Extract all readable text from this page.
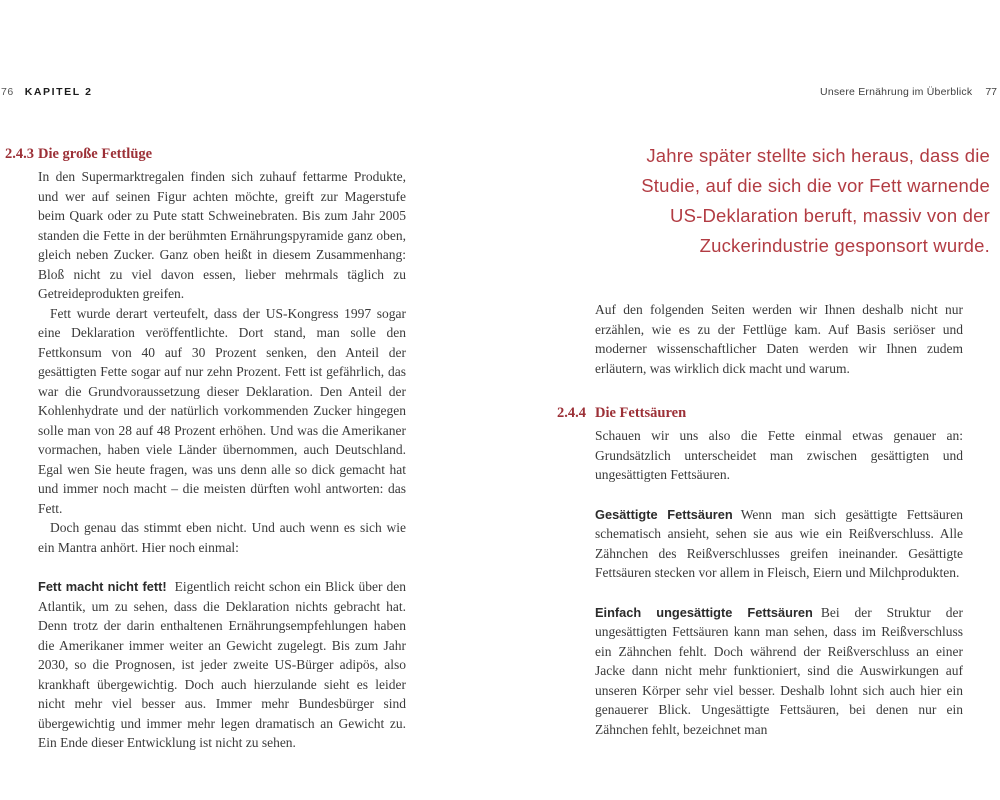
76 KAPITEL 2	Unsere Ernährung im Überblick 77
Jahre später stellte sich heraus, dass die
Studie, auf die sich die vor Fett warnende
US-Deklaration beruft, massiv von der
Zuckerindustrie gesponsort wurde.
2.4.3 Die große Fettlüge

In den Supermarktregalen finden sich zuhauf fettarme Produkte, und wer auf seinen Figur achten möchte, greift zur Magerstufe beim Quark oder zu Pute statt Schweinebraten. Bis zum Jahr 2005 standen die Fette in der berühmten Ernährungspyramide ganz oben, gleich neben Zucker. Ganz oben heißt in diesem Zusammenhang: Bloß nicht zu viel davon essen, lieber mehrmals täglich zu Getreideprodukten greifen.

Fett wurde derart verteufelt, dass der US-Kongress 1997 sogar eine Deklaration veröffentlichte. Dort stand, man solle den Fettkonsum von 40 auf 30 Prozent senken, den Anteil der gesättigten Fette sogar auf nur zehn Prozent. Fett ist gefährlich, das war die Grundvoraussetzung dieser Deklaration. Den Anteil der Kohlenhydrate und der natürlich vorkommenden Zucker hingegen solle man von 28 auf 48 Prozent erhöhen. Und was die Amerikaner vormachen, haben viele Länder übernommen, auch Deutschland. Egal wen Sie heute fragen, was uns denn alle so dick gemacht hat und immer noch macht – die meisten dürften wohl antworten: das Fett.

Doch genau das stimmt eben nicht. Und auch wenn es sich wie ein Mantra anhört. Hier noch einmal:

Fett macht nicht fett! Eigentlich reicht schon ein Blick über den Atlantik, um zu sehen, dass die Deklaration nichts gebracht hat. Denn trotz der darin enthaltenen Ernährungsempfehlungen haben die Amerikaner immer weiter an Gewicht zugelegt. Bis zum Jahr 2030, so die Prognosen, ist jeder zweite US-Bürger adipös, also krankhaft übergewichtig. Doch auch hierzulande sieht es leider nicht mehr viel besser aus. Immer mehr Bundesbürger sind übergewichtig und immer mehr legen dramatisch an Gewicht zu. Ein Ende dieser Entwicklung ist nicht zu sehen.

Auf den folgenden Seiten werden wir Ihnen deshalb nicht nur erzählen, wie es zu der Fettlüge kam. Auf Basis seriöser und moderner wissenschaftlicher Daten werden wir Ihnen zudem erläutern, was wirklich dick macht und warum.

2.4.4 Die Fettsäuren

Schauen wir uns also die Fette einmal etwas genauer an: Grundsätzlich unterscheidet man zwischen gesättigten und ungesättigten Fettsäuren.

Gesättigte Fettsäuren Wenn man sich gesättigte Fettsäuren schematisch ansieht, sehen sie aus wie ein Reißverschluss. Alle Zähnchen des Reißverschlusses greifen ineinander. Gesättigte Fettsäuren stecken vor allem in Fleisch, Eiern und Milchprodukten.

Einfach ungesättigte Fettsäuren Bei der Struktur der ungesättigten Fettsäuren kann man sehen, dass im Reißverschluss ein Zähnchen fehlt. Doch während der Reißverschluss an einer Jacke dann nicht mehr funktioniert, sind die Auswirkungen auf unseren Körper sehr viel besser. Deshalb lohnt sich auch hier ein genauerer Blick. Ungesättigte Fettsäuren, bei denen nur ein Zähnchen fehlt, bezeichnet man
